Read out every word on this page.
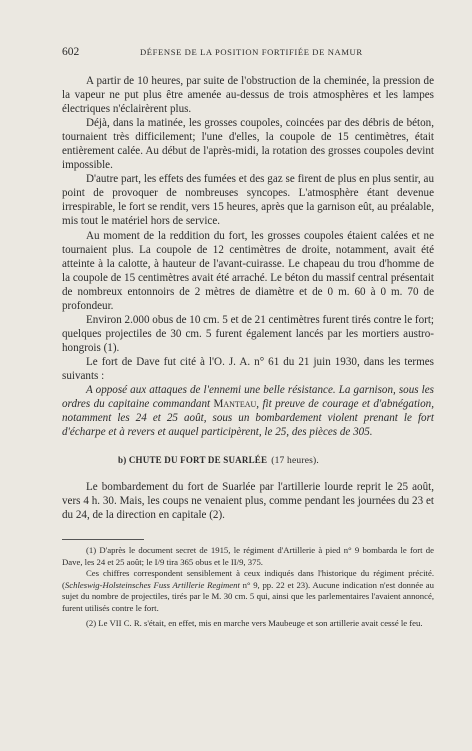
602	DÉFENSE DE LA POSITION FORTIFIÉE DE NAMUR

A partir de 10 heures, par suite de l'obstruction de la cheminée, la pression de la vapeur ne put plus être amenée au-dessus de trois atmosphères et les lampes électriques n'éclairèrent plus.

Déjà, dans la matinée, les grosses coupoles, coincées par des débris de béton, tournaient très difficilement; l'une d'elles, la coupole de 15 centimètres, était entièrement calée. Au début de l'après-midi, la rotation des grosses coupoles devint impossible.

D'autre part, les effets des fumées et des gaz se firent de plus en plus sentir, au point de provoquer de nombreuses syncopes. L'atmosphère étant devenue irrespirable, le fort se rendit, vers 15 heures, après que la garnison eût, au préalable, mis tout le matériel hors de service.

Au moment de la reddition du fort, les grosses coupoles étaient calées et ne tournaient plus. La coupole de 12 centimètres de droite, notamment, avait été atteinte à la calotte, à hauteur de l'avant-cuirasse. Le chapeau du trou d'homme de la coupole de 15 centimètres avait été arraché. Le béton du massif central présentait de nombreux entonnoirs de 2 mètres de diamètre et de 0 m. 60 à 0 m. 70 de profondeur.

Environ 2.000 obus de 10 cm. 5 et de 21 centimètres furent tirés contre le fort; quelques projectiles de 30 cm. 5 furent également lancés par les mortiers austro-hongrois (1).

Le fort de Dave fut cité à l'O. J. A. n° 61 du 21 juin 1930, dans les termes suivants :

A opposé aux attaques de l'ennemi une belle résistance. La garnison, sous les ordres du capitaine commandant Manteau, fit preuve de courage et d'abnégation, notamment les 24 et 25 août, sous un bombardement violent prenant le fort d'écharpe et à revers et auquel participèrent, le 25, des pièces de 305.

b) CHUTE DU FORT DE SUARLÉE (17 heures).

Le bombardement du fort de Suarlée par l'artillerie lourde reprit le 25 août, vers 4 h. 30. Mais, les coups ne venaient plus, comme pendant les journées du 23 et du 24, de la direction en capitale (2).

(1) D'après le document secret de 1915, le régiment d'Artillerie à pied n° 9 bombarda le fort de Dave, les 24 et 25 août; le I/9 tira 365 obus et le II/9, 375.

Ces chiffres correspondent sensiblement à ceux indiqués dans l'historique du régiment précité. (Schleswig-Holsteinsches Fuss Artillerie Regiment n° 9, pp. 22 et 23). Aucune indication n'est donnée au sujet du nombre de projectiles, tirés par le M. 30 cm. 5 qui, ainsi que les parlementaires l'avaient annoncé, furent utilisés contre le fort.

(2) Le VII C. R. s'était, en effet, mis en marche vers Maubeuge et son artillerie avait cessé le feu.
